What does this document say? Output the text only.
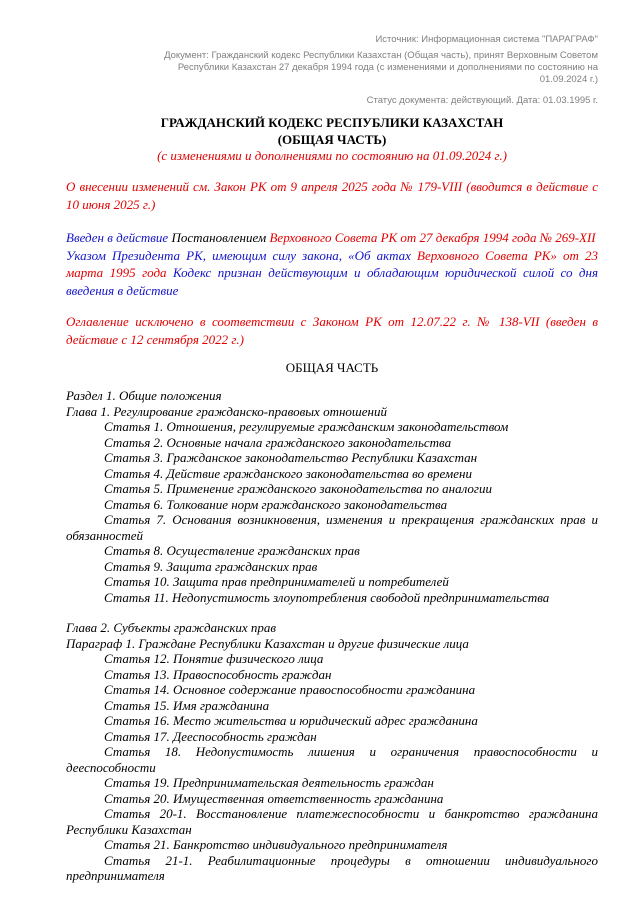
Источник: Информационная система "ПАРАГРАФ"
Документ: Гражданский кодекс Республики Казахстан (Общая часть), принят Верховным Советом Республики Казахстан 27 декабря 1994 года (с изменениями и дополнениями по состоянию на 01.09.2024 г.)
Статус документа: действующий. Дата: 01.03.1995 г.
ГРАЖДАНСКИЙ КОДЕКС РЕСПУБЛИКИ КАЗАХСТАН
(ОБЩАЯ ЧАСТЬ)
(с изменениями и дополнениями по состоянию на 01.09.2024 г.)

О внесении изменений см. Закон РК от 9 апреля 2025 года № 179-VIII (вводится в действие с 10 июня 2025 г.)

Введен в действие Постановлением Верховного Совета РК от 27 декабря 1994 года № 269-XII

Указом Президента РК, имеющим силу закона, «Об актах Верховного Совета РК» от 23 марта 1995 года Кодекс признан действующим и обладающим юридической силой со дня введения в действие

Оглавление исключено в соответствии с Законом РК от 12.07.22 г. № 138-VII (введен в действие с 12 сентября 2022 г.)

ОБЩАЯ ЧАСТЬ

Раздел 1. Общие положения

Глава 1. Регулирование гражданско-правовых отношений

Статья 1. Отношения, регулируемые гражданским законодательством

Статья 2. Основные начала гражданского законодательства

Статья 3. Гражданское законодательство Республики Казахстан

Статья 4. Действие гражданского законодательства во времени

Статья 5. Применение гражданского законодательства по аналогии

Статья 6. Толкование норм гражданского законодательства

Статья 7. Основания возникновения, изменения и прекращения гражданских прав и обязанностей

Статья 8. Осуществление гражданских прав

Статья 9. Защита гражданских прав

Статья 10. Защита прав предпринимателей и потребителей

Статья 11. Недопустимость злоупотребления свободой предпринимательства

Глава 2. Субъекты гражданских прав

Параграф 1. Граждане Республики Казахстан и другие физические лица

Статья 12. Понятие физического лица

Статья 13. Правоспособность граждан

Статья 14. Основное содержание правоспособности гражданина

Статья 15. Имя гражданина

Статья 16. Место жительства и юридический адрес гражданина

Статья 17. Дееспособность граждан

Статья 18. Недопустимость лишения и ограничения правоспособности и дееспособности

Статья 19. Предпринимательская деятельность граждан

Статья 20. Имущественная ответственность гражданина

Статья 20-1. Восстановление платежеспособности и банкротство гражданина Республики Казахстан

Статья 21. Банкротство индивидуального предпринимателя

Статья 21-1. Реабилитационные процедуры в отношении индивидуального предпринимателя
